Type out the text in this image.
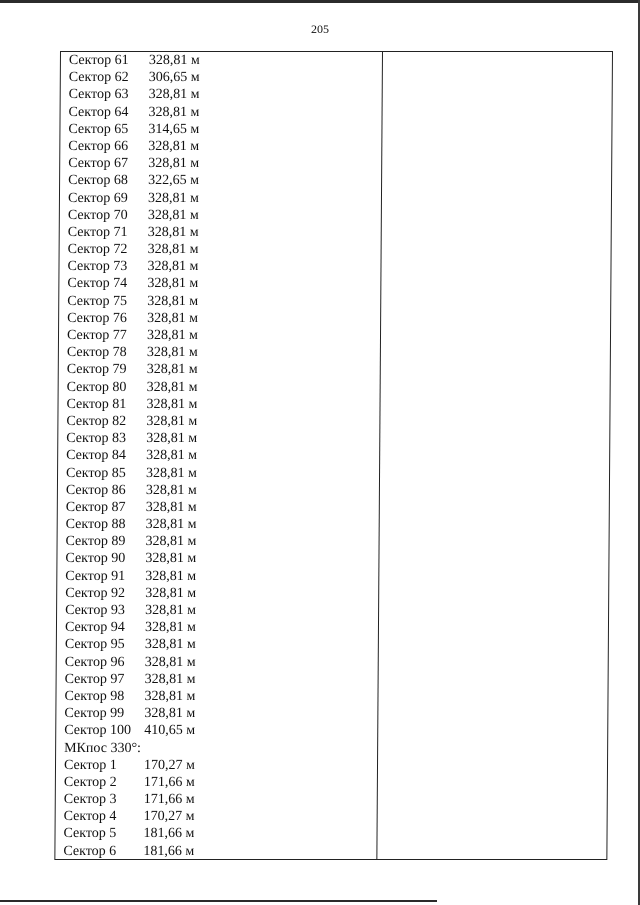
205
Сектор 61 328,81 м
Сектор 62 306,65 м
Сектор 63 328,81 м
Сектор 64 328,81 м
Сектор 65 314,65 м
Сектор 66 328,81 м
Сектор 67 328,81 м
Сектор 68 322,65 м
Сектор 69 328,81 м
Сектор 70 328,81 м
Сектор 71 328,81 м
Сектор 72 328,81 м
Сектор 73 328,81 м
Сектор 74 328,81 м
Сектор 75 328,81 м
Сектор 76 328,81 м
Сектор 77 328,81 м
Сектор 78 328,81 м
Сектор 79 328,81 м
Сектор 80 328,81 м
Сектор 81 328,81 м
Сектор 82 328,81 м
Сектор 83 328,81 м
Сектор 84 328,81 м
Сектор 85 328,81 м
Сектор 86 328,81 м
Сектор 87 328,81 м
Сектор 88 328,81 м
Сектор 89 328,81 м
Сектор 90 328,81 м
Сектор 91 328,81 м
Сектор 92 328,81 м
Сектор 93 328,81 м
Сектор 94 328,81 м
Сектор 95 328,81 м
Сектор 96 328,81 м
Сектор 97 328,81 м
Сектор 98 328,81 м
Сектор 99 328,81 м
Сектор 100 410,65 м
МКпос 330°:
Сектор 1 170,27 м
Сектор 2 171,66 м
Сектор 3 171,66 м
Сектор 4 170,27 м
Сектор 5 181,66 м
Сектор 6 181,66 м
